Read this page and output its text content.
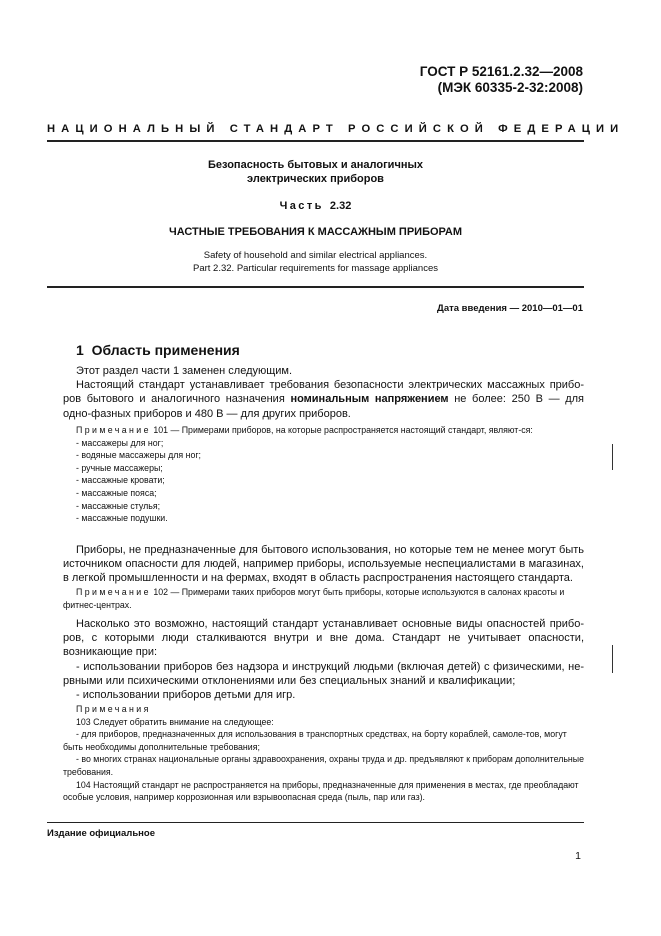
ГОСТ Р 52161.2.32—2008
(МЭК 60335-2-32:2008)
НАЦИОНАЛЬНЫЙ СТАНДАРТ РОССИЙСКОЙ ФЕДЕРАЦИИ
Безопасность бытовых и аналогичных
электрических приборов
Часть 2.32
ЧАСТНЫЕ ТРЕБОВАНИЯ К МАССАЖНЫМ ПРИБОРАМ
Safety of household and similar electrical appliances.
Part 2.32. Particular requirements for massage appliances
Дата введения — 2010—01—01
1 Область применения

Этот раздел части 1 заменен следующим.

Настоящий стандарт устанавливает требования безопасности электрических массажных прибо-ров бытового и аналогичного назначения номинальным напряжением не более: 250 В — для одно-фазных приборов и 480 В — для других приборов.

Примечание 101 — Примерами приборов, на которые распространяется настоящий стандарт, являют-ся:

- массажеры для ног;
- водяные массажеры для ног;
- ручные массажеры;
- массажные кровати;
- массажные пояса;
- массажные стулья;
- массажные подушки.

Приборы, не предназначенные для бытового использования, но которые тем не менее могут быть источником опасности для людей, например приборы, используемые неспециалистами в магазинах, в легкой промышленности и на фермах, входят в область распространения настоящего стандарта.

Примечание 102 — Примерами таких приборов могут быть приборы, которые используются в салонах красоты и фитнес-центрах.

Насколько это возможно, настоящий стандарт устанавливает основные виды опасностей прибо-ров, с которыми люди сталкиваются внутри и вне дома. Стандарт не учитывает опасности, возникающие при:

- использовании приборов без надзора и инструкций людьми (включая детей) с физическими, не-рвными или психическими отклонениями или без специальных знаний и квалификации;

- использовании приборов детьми для игр.

Примечания

103 Следует обратить внимание на следующее:

- для приборов, предназначенных для использования в транспортных средствах, на борту кораблей, самоле-тов, могут быть необходимы дополнительные требования;

- во многих странах национальные органы здравоохранения, охраны труда и др. предъявляют к приборам дополнительные требования.

104 Настоящий стандарт не распространяется на приборы, предназначенные для применения в местах, где преобладают особые условия, например коррозионная или взрывоопасная среда (пыль, пар или газ).

Издание официальное
1
